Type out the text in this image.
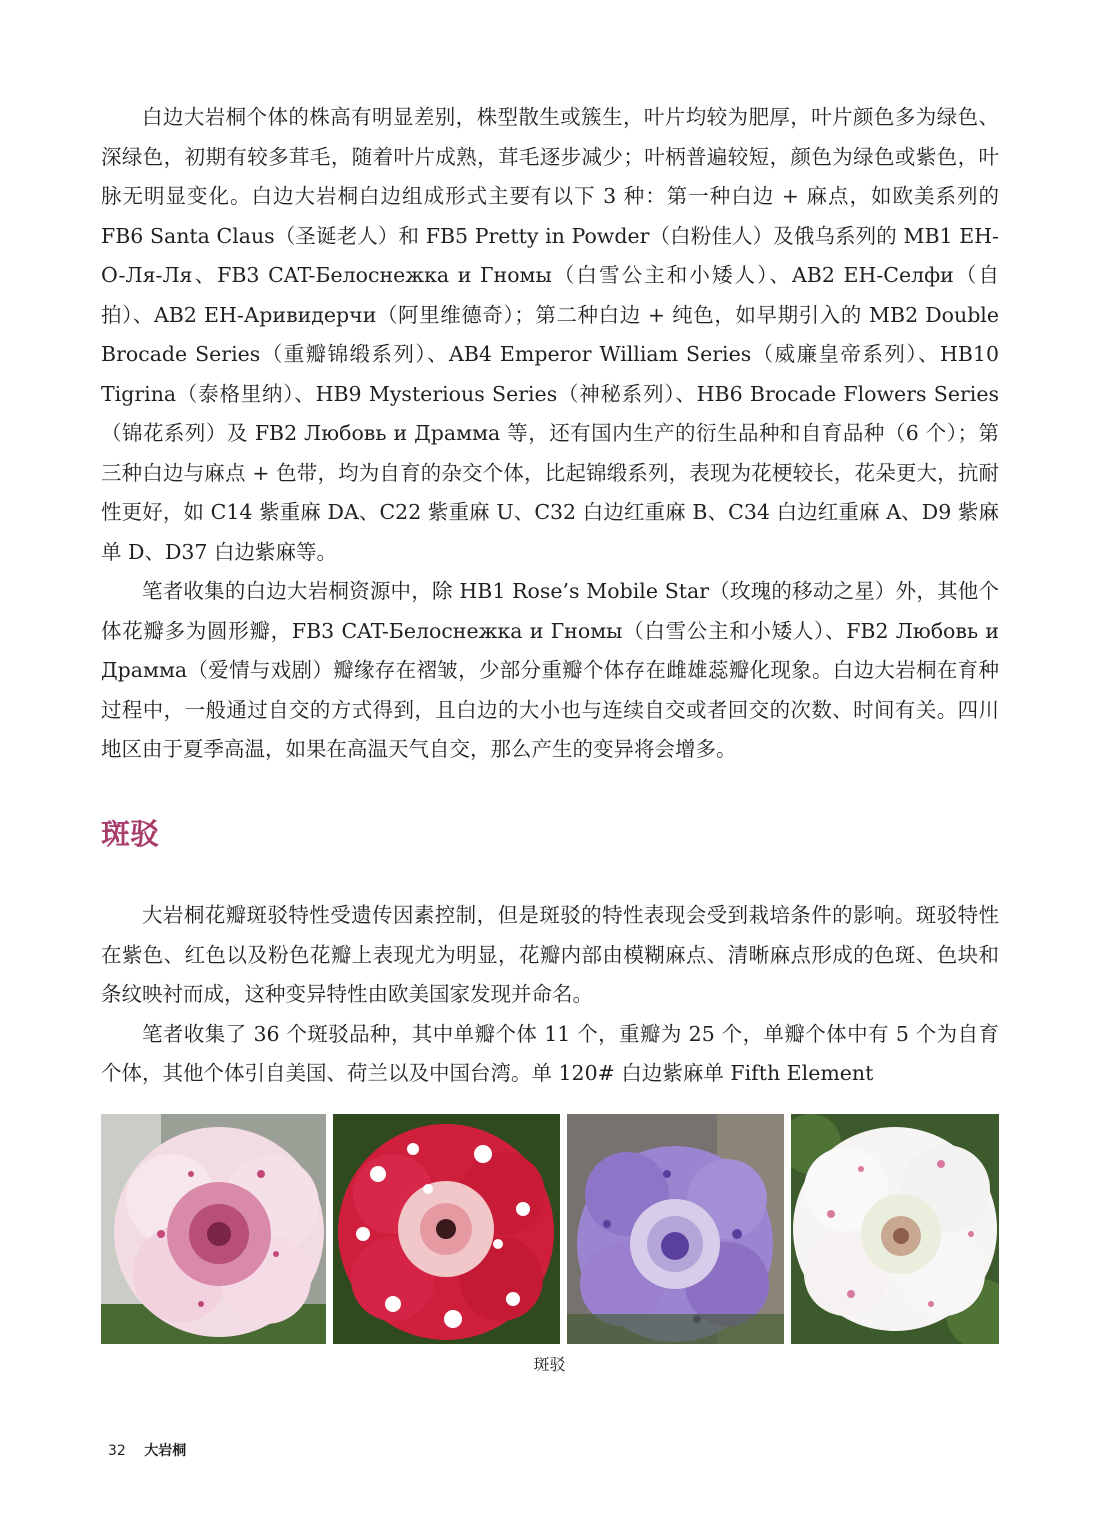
白边大岩桐个体的株高有明显差别，株型散生或簇生，叶片均较为肥厚，叶片颜色多为绿色、深绿色，初期有较多茸毛，随着叶片成熟，茸毛逐步减少；叶柄普遍较短，颜色为绿色或紫色，叶脉无明显变化。白边大岩桐白边组成形式主要有以下 3 种：第一种白边 + 麻点，如欧美系列的 FB6 Santa Claus（圣诞老人）和 FB5 Pretty in Powder（白粉佳人）及俄乌系列的 MB1 EH-O-Ля-Ля、FB3 CAT-Белоснежка и Гномы（白雪公主和小矮人）、AB2 EH-Селфи（自拍）、AB2 EH-Аривидерчи（阿里维德奇）；第二种白边 + 纯色，如早期引入的 MB2 Double Brocade Series（重瓣锦缎系列）、AB4 Emperor William Series（威廉皇帝系列）、HB10 Tigrina（泰格里纳）、HB9 Mysterious Series（神秘系列）、HB6 Brocade Flowers Series（锦花系列）及 FB2 Любовь и Драмма 等，还有国内生产的衍生品种和自育品种（6 个）；第三种白边与麻点 + 色带，均为自育的杂交个体，比起锦缎系列，表现为花梗较长，花朵更大，抗耐性更好，如 C14 紫重麻 DA、C22 紫重麻 U、C32 白边红重麻 B、C34 白边红重麻 A、D9 紫麻单 D、D37 白边紫麻等。

笔者收集的白边大岩桐资源中，除 HB1 Rose’s Mobile Star（玫瑰的移动之星）外，其他个体花瓣多为圆形瓣，FB3 CAT-Белоснежка и Гномы（白雪公主和小矮人）、FB2 Любовь и Драмма（爱情与戏剧）瓣缘存在褶皱，少部分重瓣个体存在雌雄蕊瓣化现象。白边大岩桐在育种过程中，一般通过自交的方式得到，且白边的大小也与连续自交或者回交的次数、时间有关。四川地区由于夏季高温，如果在高温天气自交，那么产生的变异将会增多。

斑驳

大岩桐花瓣斑驳特性受遗传因素控制，但是斑驳的特性表现会受到栽培条件的影响。斑驳特性在紫色、红色以及粉色花瓣上表现尤为明显，花瓣内部由模糊麻点、清晰麻点形成的色斑、色块和条纹映衬而成，这种变异特性由欧美国家发现并命名。

笔者收集了 36 个斑驳品种，其中单瓣个体 11 个，重瓣为 25 个，单瓣个体中有 5 个为自育个体，其他个体引自美国、荷兰以及中国台湾。单 120# 白边紫麻单 Fifth Element

斑驳
32 大岩桐
